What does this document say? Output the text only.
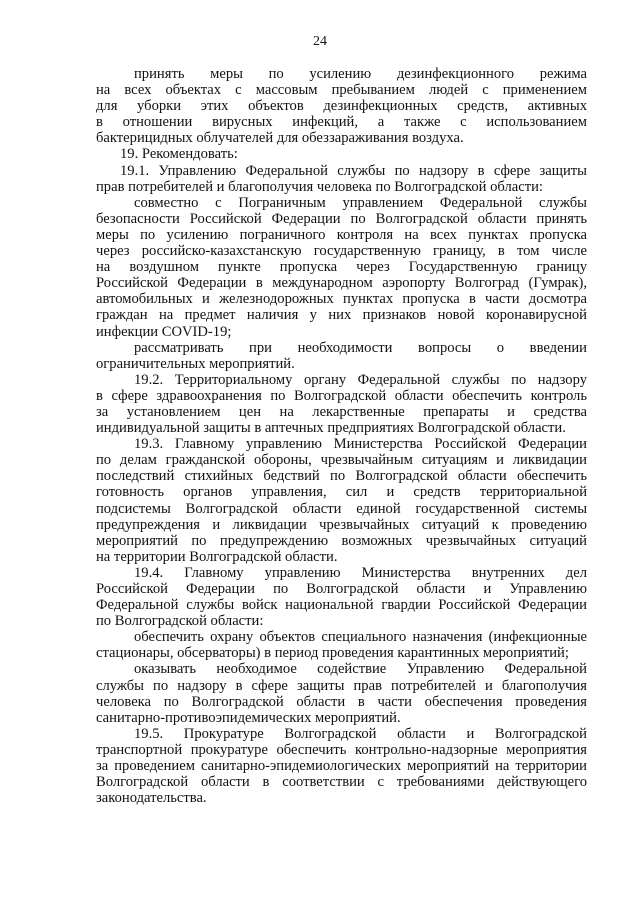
24
принять меры по усилению дезинфекционного режима
на всех объектах с массовым пребыванием людей с применением
для уборки этих объектов дезинфекционных средств, активных
в отношении вирусных инфекций, а также с использованием
бактерицидных облучателей для обеззараживания воздуха.
19. Рекомендовать:
19.1. Управлению Федеральной службы по надзору в сфере защиты
прав потребителей и благополучия человека по Волгоградской области:
совместно с Пограничным управлением Федеральной службы
безопасности Российской Федерации по Волгоградской области принять
меры по усилению пограничного контроля на всех пунктах пропуска
через российско-казахстанскую государственную границу, в том числе
на воздушном пункте пропуска через Государственную границу
Российской Федерации в международном аэропорту Волгоград (Гумрак),
автомобильных и железнодорожных пунктах пропуска в части досмотра
граждан на предмет наличия у них признаков новой коронавирусной
инфекции COVID-19;
рассматривать при необходимости вопросы о введении
ограничительных мероприятий.
19.2. Территориальному органу Федеральной службы по надзору
в сфере здравоохранения по Волгоградской области обеспечить контроль
за установлением цен на лекарственные препараты и средства
индивидуальной защиты в аптечных предприятиях Волгоградской области.
19.3. Главному управлению Министерства Российской Федерации
по делам гражданской обороны, чрезвычайным ситуациям и ликвидации
последствий стихийных бедствий по Волгоградской области обеспечить
готовность органов управления, сил и средств территориальной
подсистемы Волгоградской области единой государственной системы
предупреждения и ликвидации чрезвычайных ситуаций к проведению
мероприятий по предупреждению возможных чрезвычайных ситуаций
на территории Волгоградской области.
19.4. Главному управлению Министерства внутренних дел
Российской Федерации по Волгоградской области и Управлению
Федеральной службы войск национальной гвардии Российской Федерации
по Волгоградской области:
обеспечить охрану объектов специального назначения (инфекционные
стационары, обсерваторы) в период проведения карантинных мероприятий;
оказывать необходимое содействие Управлению Федеральной
службы по надзору в сфере защиты прав потребителей и благополучия
человека по Волгоградской области в части обеспечения проведения
санитарно-противоэпидемических мероприятий.
19.5. Прокуратуре Волгоградской области и Волгоградской
транспортной прокуратуре обеспечить контрольно-надзорные мероприятия
за проведением санитарно-эпидемиологических мероприятий на территории
Волгоградской области в соответствии с требованиями действующего
законодательства.
